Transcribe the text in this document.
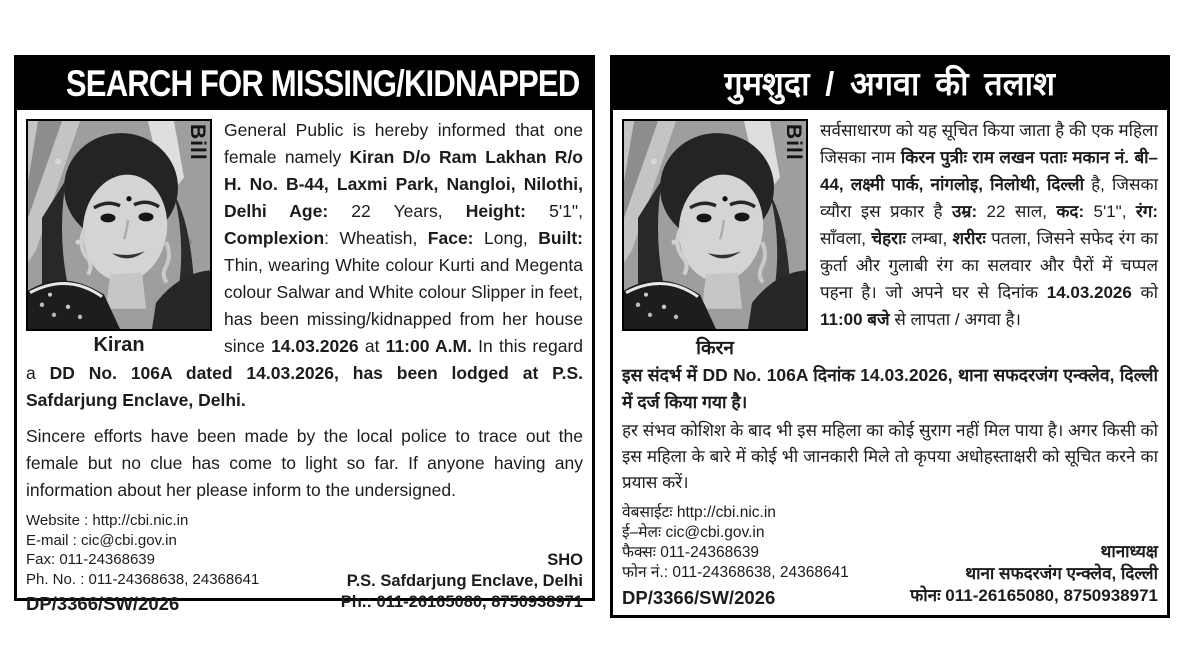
SEARCH FOR MISSING/KIDNAPPED
Bill
Kiran

General Public is hereby informed that one female namely Kiran D/o Ram Lakhan R/o H. No. B-44, Laxmi Park, Nangloi, Nilothi, Delhi Age: 22 Years, Height: 5'1", Complexion: Wheatish, Face: Long, Built: Thin, wearing White colour Kurti and Megenta colour Salwar and White colour Slipper in feet, has been missing/kidnapped from her house since 14.03.2026 at 11:00 A.M. In this regard a DD No. 106A dated 14.03.2026, has been lodged at P.S. Safdarjung Enclave, Delhi.

Sincere efforts have been made by the local police to trace out the female but no clue has come to light so far. If anyone having any information about her please inform to the undersigned.

Website : http://cbi.nic.in
E-mail : cic@cbi.gov.in
Fax: 011-24368639
Ph. No. : 011-24368638, 24368641
DP/3366/SW/2026
SHO
P.S. Safdarjung Enclave, Delhi
Ph.: 011-26165080, 8750938971
गुमशुदा / अगवा की तलाश
Bill
किरन

सर्वसाधारण को यह सूचित किया जाता है की एक महिला जिसका नाम किरन पुत्रीः राम लखन पताः मकान नं. बी–44, लक्ष्मी पार्क, नांगलोइ, निलोथी, दिल्ली है, जिसका व्यौरा इस प्रकार है उम्र: 22 साल, कद: 5'1", रंग: साँवला, चेहराः लम्बा, शरीरः पतला, जिसने सफेद रंग का कुर्ता और गुलाबी रंग का सलवार और पैरों में चप्पल पहना है। जो अपने घर से दिनांक 14.03.2026 को 11:00 बजे से लापता / अगवा है।

इस संदर्भ में DD No. 106A दिनांक 14.03.2026, थाना सफदरजंग एन्क्लेव, दिल्ली में दर्ज किया गया है।

हर संभव कोशिश के बाद भी इस महिला का कोई सुराग नहीं मिल पाया है। अगर किसी को इस महिला के बारे में कोई भी जानकारी मिले तो कृपया अधोहस्ताक्षरी को सूचित करने का प्रयास करें।

वेबसाईटः http://cbi.nic.in
ई–मेलः cic@cbi.gov.in
फैक्सः 011-24368639
फोन नं.: 011-24368638, 24368641
DP/3366/SW/2026
थानाध्यक्ष
थाना सफदरजंग एन्क्लेव, दिल्ली
फोनः 011-26165080, 8750938971
